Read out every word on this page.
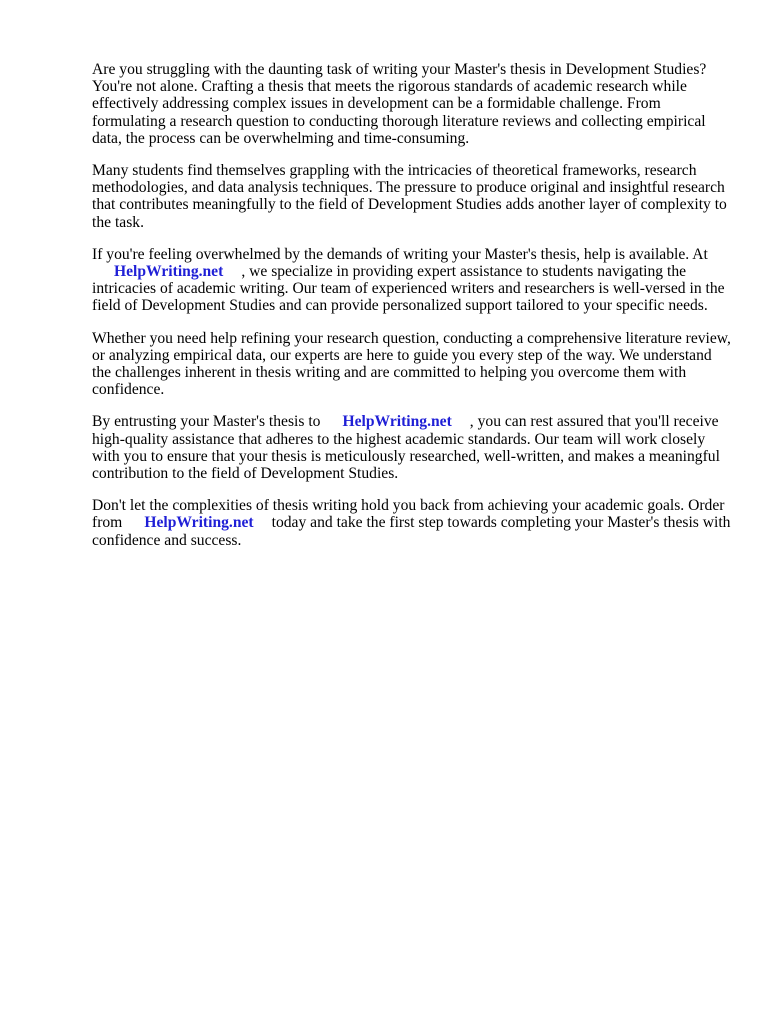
Are you struggling with the daunting task of writing your Master's thesis in Development Studies? You're not alone. Crafting a thesis that meets the rigorous standards of academic research while effectively addressing complex issues in development can be a formidable challenge. From formulating a research question to conducting thorough literature reviews and collecting empirical data, the process can be overwhelming and time-consuming.

Many students find themselves grappling with the intricacies of theoretical frameworks, research methodologies, and data analysis techniques. The pressure to produce original and insightful research that contributes meaningfully to the field of Development Studies adds another layer of complexity to the task.

If you're feeling overwhelmed by the demands of writing your Master's thesis, help is available. At
HelpWriting.net , we specialize in providing expert assistance to students navigating the intricacies of academic writing. Our team of experienced writers and researchers is well-versed in the field of Development Studies and can provide personalized support tailored to your specific needs.

Whether you need help refining your research question, conducting a comprehensive literature review, or analyzing empirical data, our experts are here to guide you every step of the way. We understand the challenges inherent in thesis writing and are committed to helping you overcome them with confidence.

By entrusting your Master's thesis to HelpWriting.net , you can rest assured that you'll receive high-quality assistance that adheres to the highest academic standards. Our team will work closely with you to ensure that your thesis is meticulously researched, well-written, and makes a meaningful contribution to the field of Development Studies.

Don't let the complexities of thesis writing hold you back from achieving your academic goals. Order from HelpWriting.net today and take the first step towards completing your Master's thesis with confidence and success.
